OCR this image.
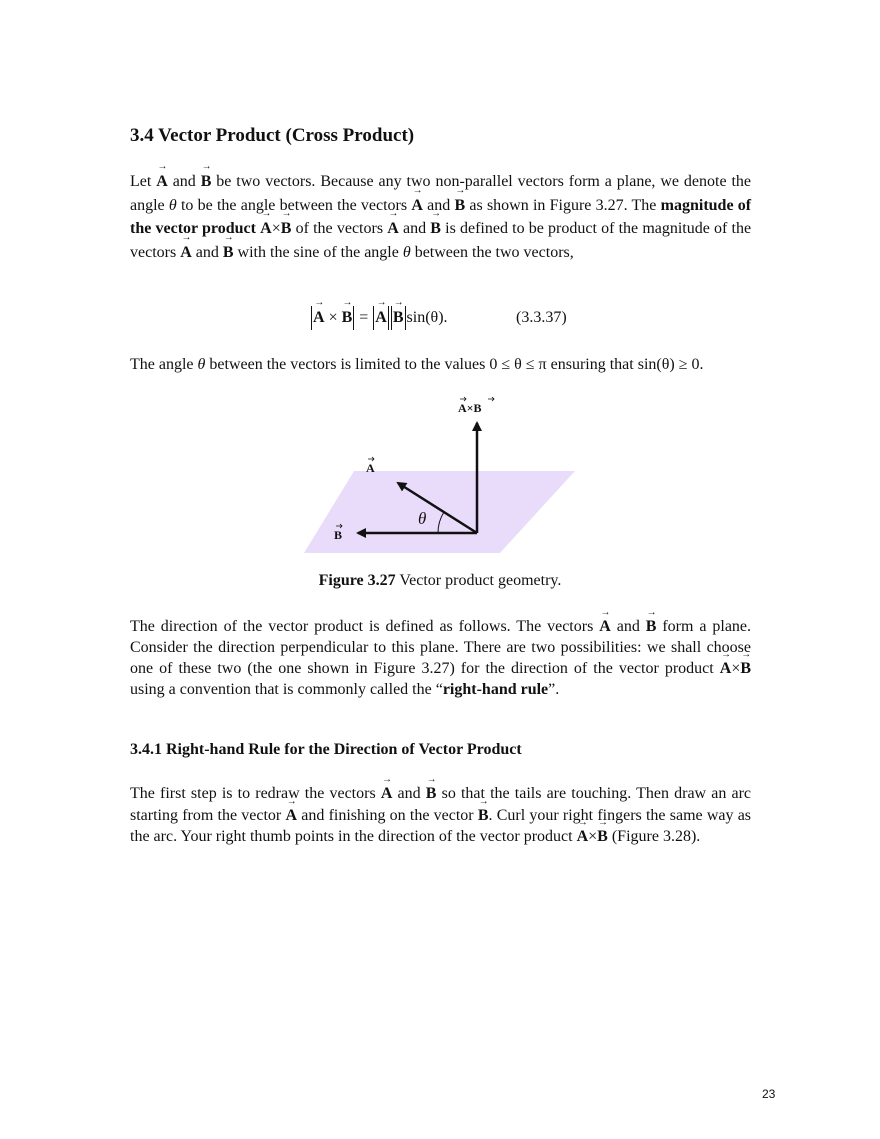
3.4 Vector Product (Cross Product)
Let → A and → B be two vectors. Because any two non-parallel vectors form a plane, we denote the angle θ to be the angle between the vectors → A and → B as shown in Figure 3.27. The magnitude of the vector product → A×→ B of the vectors → A and → B is defined to be product of the magnitude of the vectors → A and → B with the sine of the angle θ between the two vectors,
→ A × → B = → A → B sin(θ).	(3.3.37)
The angle θ between the vectors is limited to the values 0 ≤ θ ≤ π ensuring that sin(θ) ≥ 0.
θ
A×B
A
B
Figure 3.27 Vector product geometry.
The direction of the vector product is defined as follows. The vectors → A and → B form a plane. Consider the direction perpendicular to this plane. There are two possibilities: we shall choose one of these two (the one shown in Figure 3.27) for the direction of the vector product → A×→ B using a convention that is commonly called the “right-hand rule”.
3.4.1 Right-hand Rule for the Direction of Vector Product
The first step is to redraw the vectors → A and → B so that the tails are touching. Then draw an arc starting from the vector → A and finishing on the vector → B. Curl your right fingers the same way as the arc. Your right thumb points in the direction of the vector product → A×→ B (Figure 3.28).
23
